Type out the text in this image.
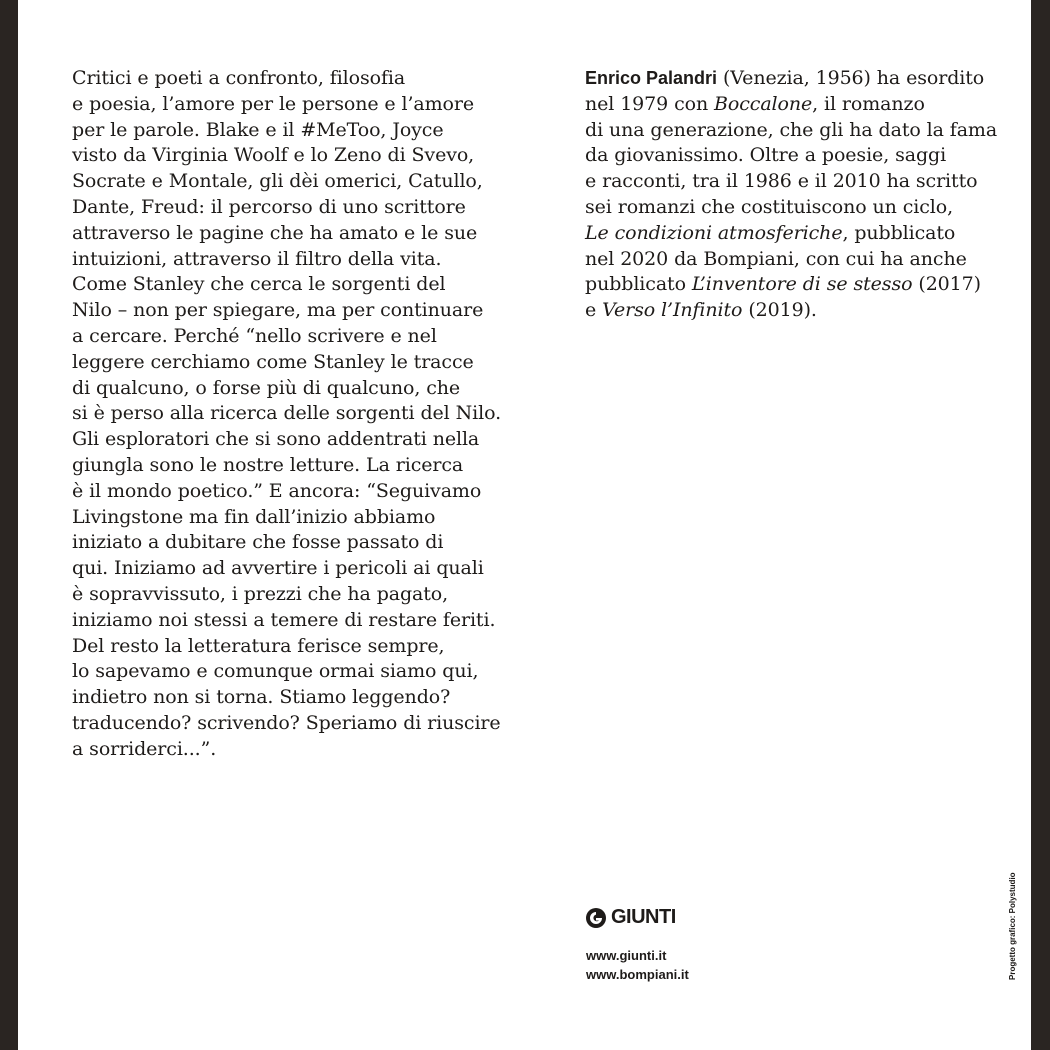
Critici e poeti a confronto, filosofia
e poesia, l’amore per le persone e l’amore
per le parole. Blake e il #MeToo, Joyce
visto da Virginia Woolf e lo Zeno di Svevo,
Socrate e Montale, gli dèi omerici, Catullo,
Dante, Freud: il percorso di uno scrittore
attraverso le pagine che ha amato e le sue
intuizioni, attraverso il filtro della vita.
Come Stanley che cerca le sorgenti del
Nilo – non per spiegare, ma per continuare
a cercare. Perché “nello scrivere e nel
leggere cerchiamo come Stanley le tracce
di qualcuno, o forse più di qualcuno, che
si è perso alla ricerca delle sorgenti del Nilo.
Gli esploratori che si sono addentrati nella
giungla sono le nostre letture. La ricerca
è il mondo poetico.” E ancora: “Seguivamo
Livingstone ma fin dall’inizio abbiamo
iniziato a dubitare che fosse passato di
qui. Iniziamo ad avvertire i pericoli ai quali
è sopravvissuto, i prezzi che ha pagato,
iniziamo noi stessi a temere di restare feriti.
Del resto la letteratura ferisce sempre,
lo sapevamo e comunque ormai siamo qui,
indietro non si torna. Stiamo leggendo?
traducendo? scrivendo? Speriamo di riuscire
a sorriderci...”.
Enrico Palandri (Venezia, 1956) ha esordito
nel 1979 con Boccalone, il romanzo
di una generazione, che gli ha dato la fama
da giovanissimo. Oltre a poesie, saggi
e racconti, tra il 1986 e il 2010 ha scritto
sei romanzi che costituiscono un ciclo,
Le condizioni atmosferiche, pubblicato
nel 2020 da Bompiani, con cui ha anche
pubblicato L’inventore di se stesso (2017)
e Verso l’Infinito (2019).
GIUNTI
www.giunti.it
www.bompiani.it	Progetto grafico: Polystudio
